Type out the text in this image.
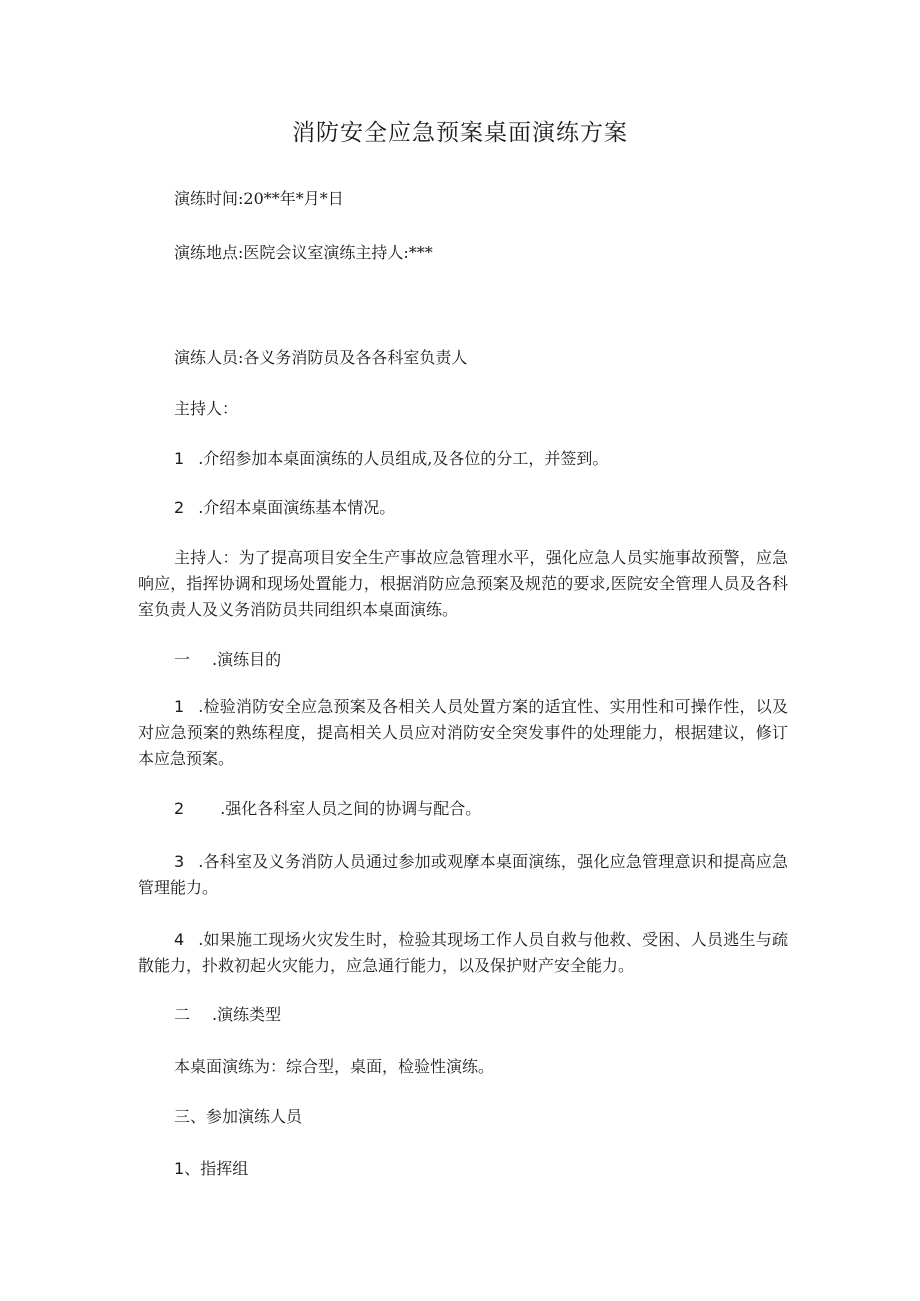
消防安全应急预案桌面演练方案
演练时间:20**年*月*日
演练地点:医院会议室演练主持人:***
演练人员:各义务消防员及各各科室负责人
主持人：
1 .介绍参加本桌面演练的人员组成,及各位的分工，并签到。
2 .介绍本桌面演练基本情况。
主持人：为了提高项目安全生产事故应急管理水平，强化应急人员实施事故预警，应急响应，指挥协调和现场处置能力，根据消防应急预案及规范的要求,医院安全管理人员及各科室负责人及义务消防员共同组织本桌面演练。
一 .演练目的
1 .检验消防安全应急预案及各相关人员处置方案的适宜性、实用性和可操作性，以及对应急预案的熟练程度，提高相关人员应对消防安全突发事件的处理能力，根据建议，修订本应急预案。
2 .强化各科室人员之间的协调与配合。
3 .各科室及义务消防人员通过参加或观摩本桌面演练，强化应急管理意识和提高应急管理能力。
4 .如果施工现场火灾发生时，检验其现场工作人员自救与他救、受困、人员逃生与疏散能力，扑救初起火灾能力，应急通行能力，以及保护财产安全能力。
二 .演练类型
本桌面演练为：综合型，桌面，检验性演练。
三、参加演练人员
1、指挥组
